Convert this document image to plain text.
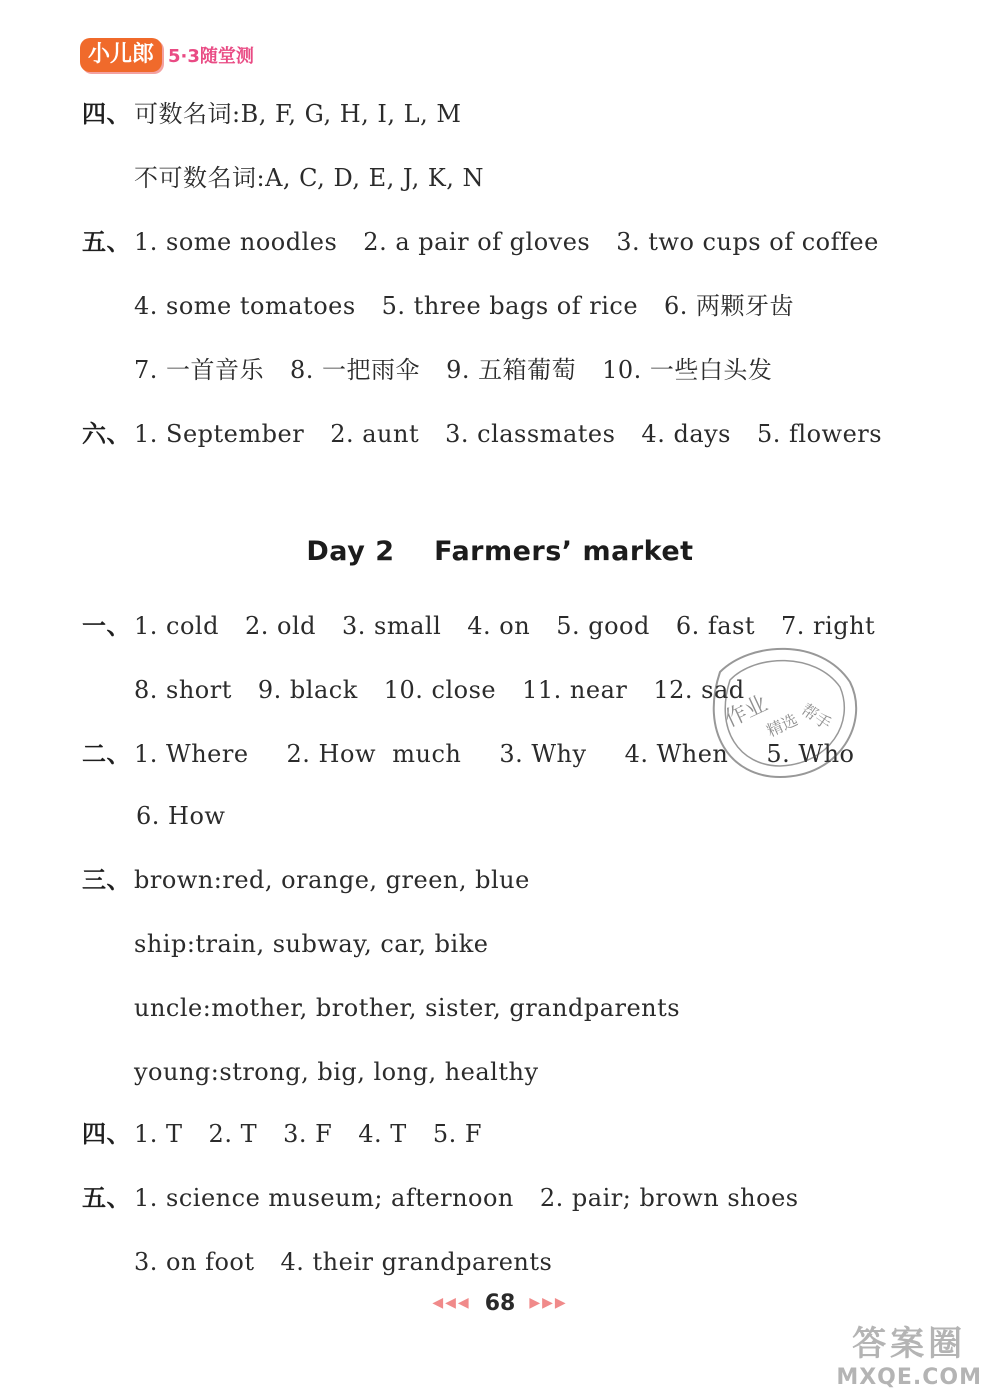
小儿郎 5·3随堂测
四、 可数名词:B, F, G, H, I, L, M
不可数名词:A, C, D, E, J, K, N
五、 1. some noodles 2. a pair of gloves 3. two cups of coffee
4. some tomatoes 5. three bags of rice 6. 两颗牙齿
7. 一首音乐 8. 一把雨伞 9. 五箱葡萄 10. 一些白头发
六、 1. September 2. aunt 3. classmates 4. days 5. flowers
Day 2    Farmers’ market
一、 1. cold 2. old 3. small 4. on 5. good 6. fast 7. right
8. short 9. black 10. close 11. near 12. sad
二、 1. Where 2. How  much 3. Why 4. When 5. Who
6. How
三、 brown:red, orange, green, blue
ship:train, subway, car, bike
uncle:mother, brother, sister, grandparents
young:strong, big, long, healthy
四、 1. T 2. T 3. F 4. T 5. F
五、 1. science museum; afternoon 2. pair; brown shoes
3. on foot 4. their grandparents
作业
精选
帮手
◀◀◀ 68 ▶▶▶
答案圈
MXQE.COM
